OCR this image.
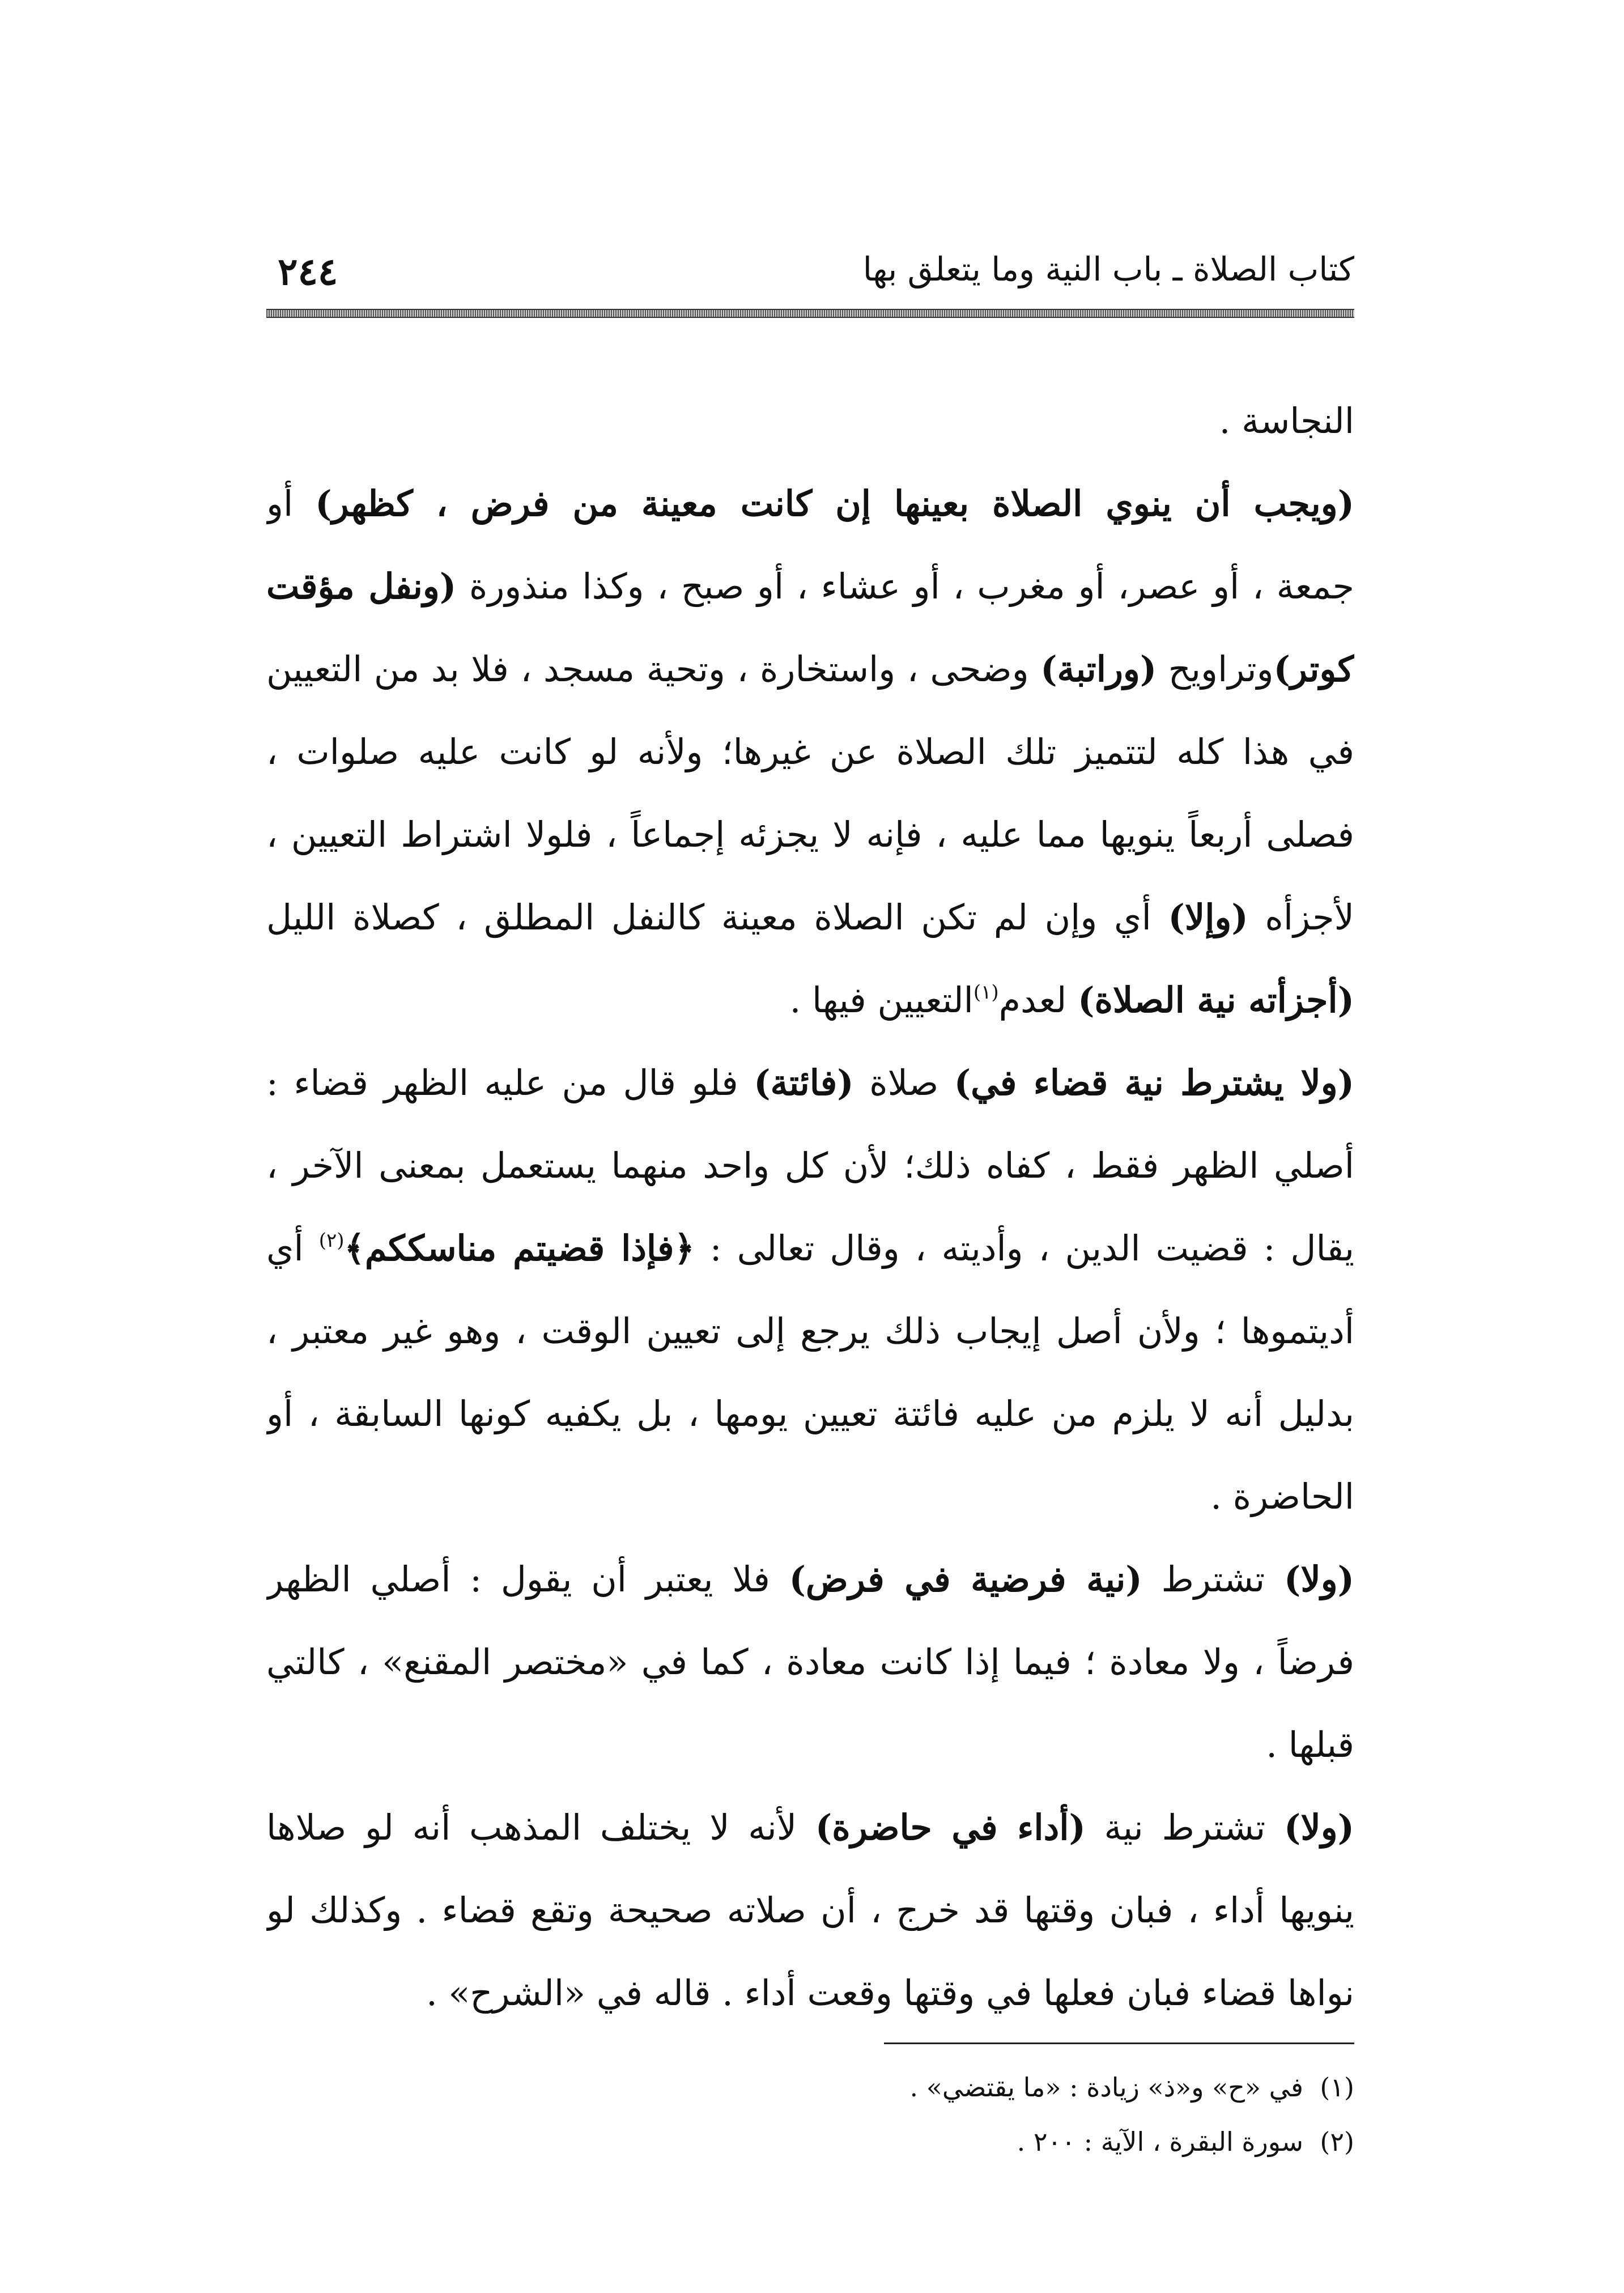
كتاب الصلاة ـ باب النية وما يتعلق بها
٢٤٤
النجاسة .
(ويجب أن ينوي الصلاة بعينها إن كانت معينة من فرض ، كظهر) أو
جمعة ، أو عصر، أو مغرب ، أو عشاء ، أو صبح ، وكذا منذورة (ونفل مؤقت
كوتر)وتراويح (وراتبة) وضحى ، واستخارة ، وتحية مسجد ، فلا بد من التعيين
في هذا كله لتتميز تلك الصلاة عن غيرها؛ ولأنه لو كانت عليه صلوات ،
فصلى أربعاً ينويها مما عليه ، فإنه لا يجزئه إجماعاً ، فلولا اشتراط التعيين ،
لأجزأه (وإلا) أي وإن لم تكن الصلاة معينة كالنفل المطلق ، كصلاة الليل
(أجزأته نية الصلاة) لعدم$^{(١)}$التعيين فيها .
(ولا يشترط نية قضاء في) صلاة (فائتة) فلو قال من عليه الظهر قضاء :
أصلي الظهر فقط ، كفاه ذلك؛ لأن كل واحد منهما يستعمل بمعنى الآخر ،
يقال : قضيت الدين ، وأديته ، وقال تعالى : ﴿فإذا قضيتم مناسككم﴾$^{(٢)}$ أي
أديتموها ؛ ولأن أصل إيجاب ذلك يرجع إلى تعيين الوقت ، وهو غير معتبر ،
بدليل أنه لا يلزم من عليه فائتة تعيين يومها ، بل يكفيه كونها السابقة ، أو
الحاضرة .
(ولا) تشترط (نية فرضية في فرض) فلا يعتبر أن يقول : أصلي الظهر
فرضاً ، ولا معادة ؛ فيما إذا كانت معادة ، كما في «مختصر المقنع» ، كالتي
قبلها .
(ولا) تشترط نية (أداء في حاضرة) لأنه لا يختلف المذهب أنه لو صلاها
ينويها أداء ، فبان وقتها قد خرج ، أن صلاته صحيحة وتقع قضاء . وكذلك لو
نواها قضاء فبان فعلها في وقتها وقعت أداء . قاله في «الشرح» .
(١)في «ح» و«ذ» زيادة : «ما يقتضي» .
(٢)سورة البقرة ، الآية : ٢٠٠ .
